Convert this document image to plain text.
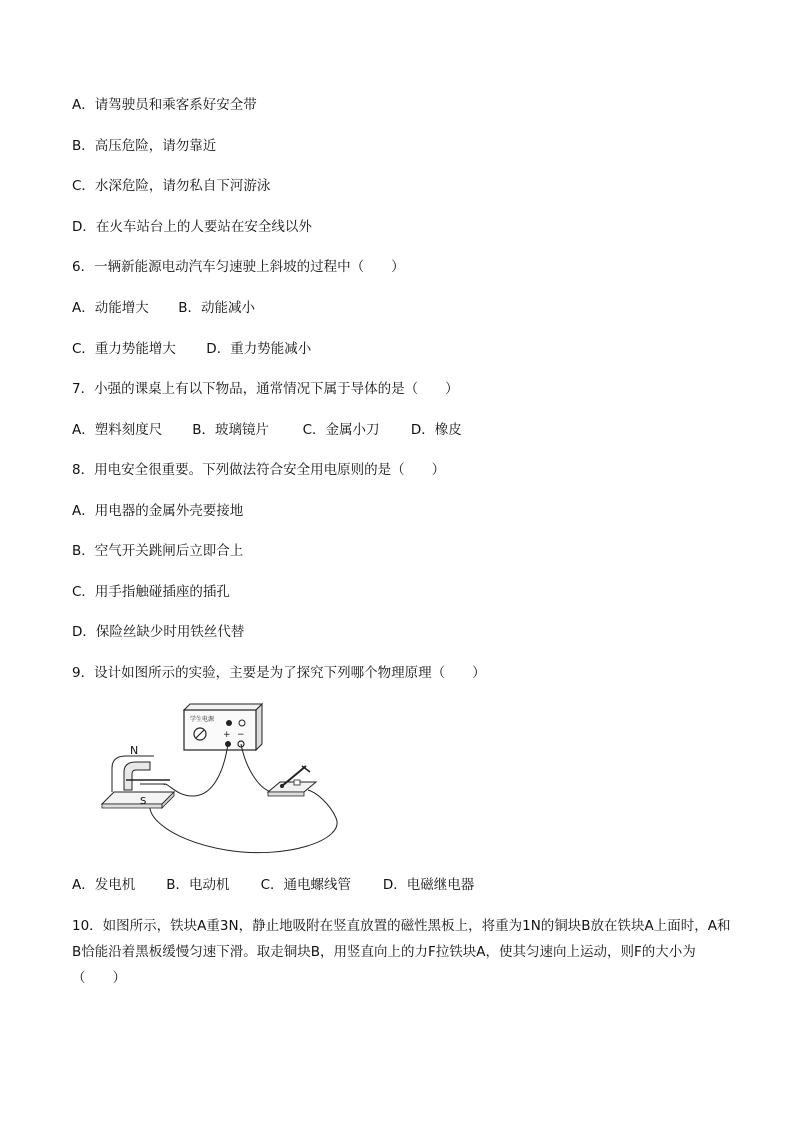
A．请驾驶员和乘客系好安全带
B．高压危险，请勿靠近
C．水深危险，请勿私自下河游泳
D．在火车站台上的人要站在安全线以外
6．一辆新能源电动汽车匀速驶上斜坡的过程中（　　）
A．动能增大 B．动能减小
C．重力势能增大 D．重力势能减小
7．小强的课桌上有以下物品，通常情况下属于导体的是（　　）
A．塑料刻度尺 B．玻璃镜片 C．金属小刀 D．橡皮
8．用电安全很重要。下列做法符合安全用电原则的是（　　）
A．用电器的金属外壳要接地
B．空气开关跳闸后立即合上
C．用手指触碰插座的插孔
D．保险丝缺少时用铁丝代替
9．设计如图所示的实验，主要是为了探究下列哪个物理原理（　　）
学生电源
+ −
N
S
A．发电机 B．电动机 C．通电螺线管 D．电磁继电器
10．如图所示，铁块A重3N，静止地吸附在竖直放置的磁性黑板上，将重为1N的铜块B放在铁块A上面时，A和B恰能沿着黑板缓慢匀速下滑。取走铜块B，用竖直向上的力F拉铁块A，使其匀速向上运动，则F的大小为（　　）
